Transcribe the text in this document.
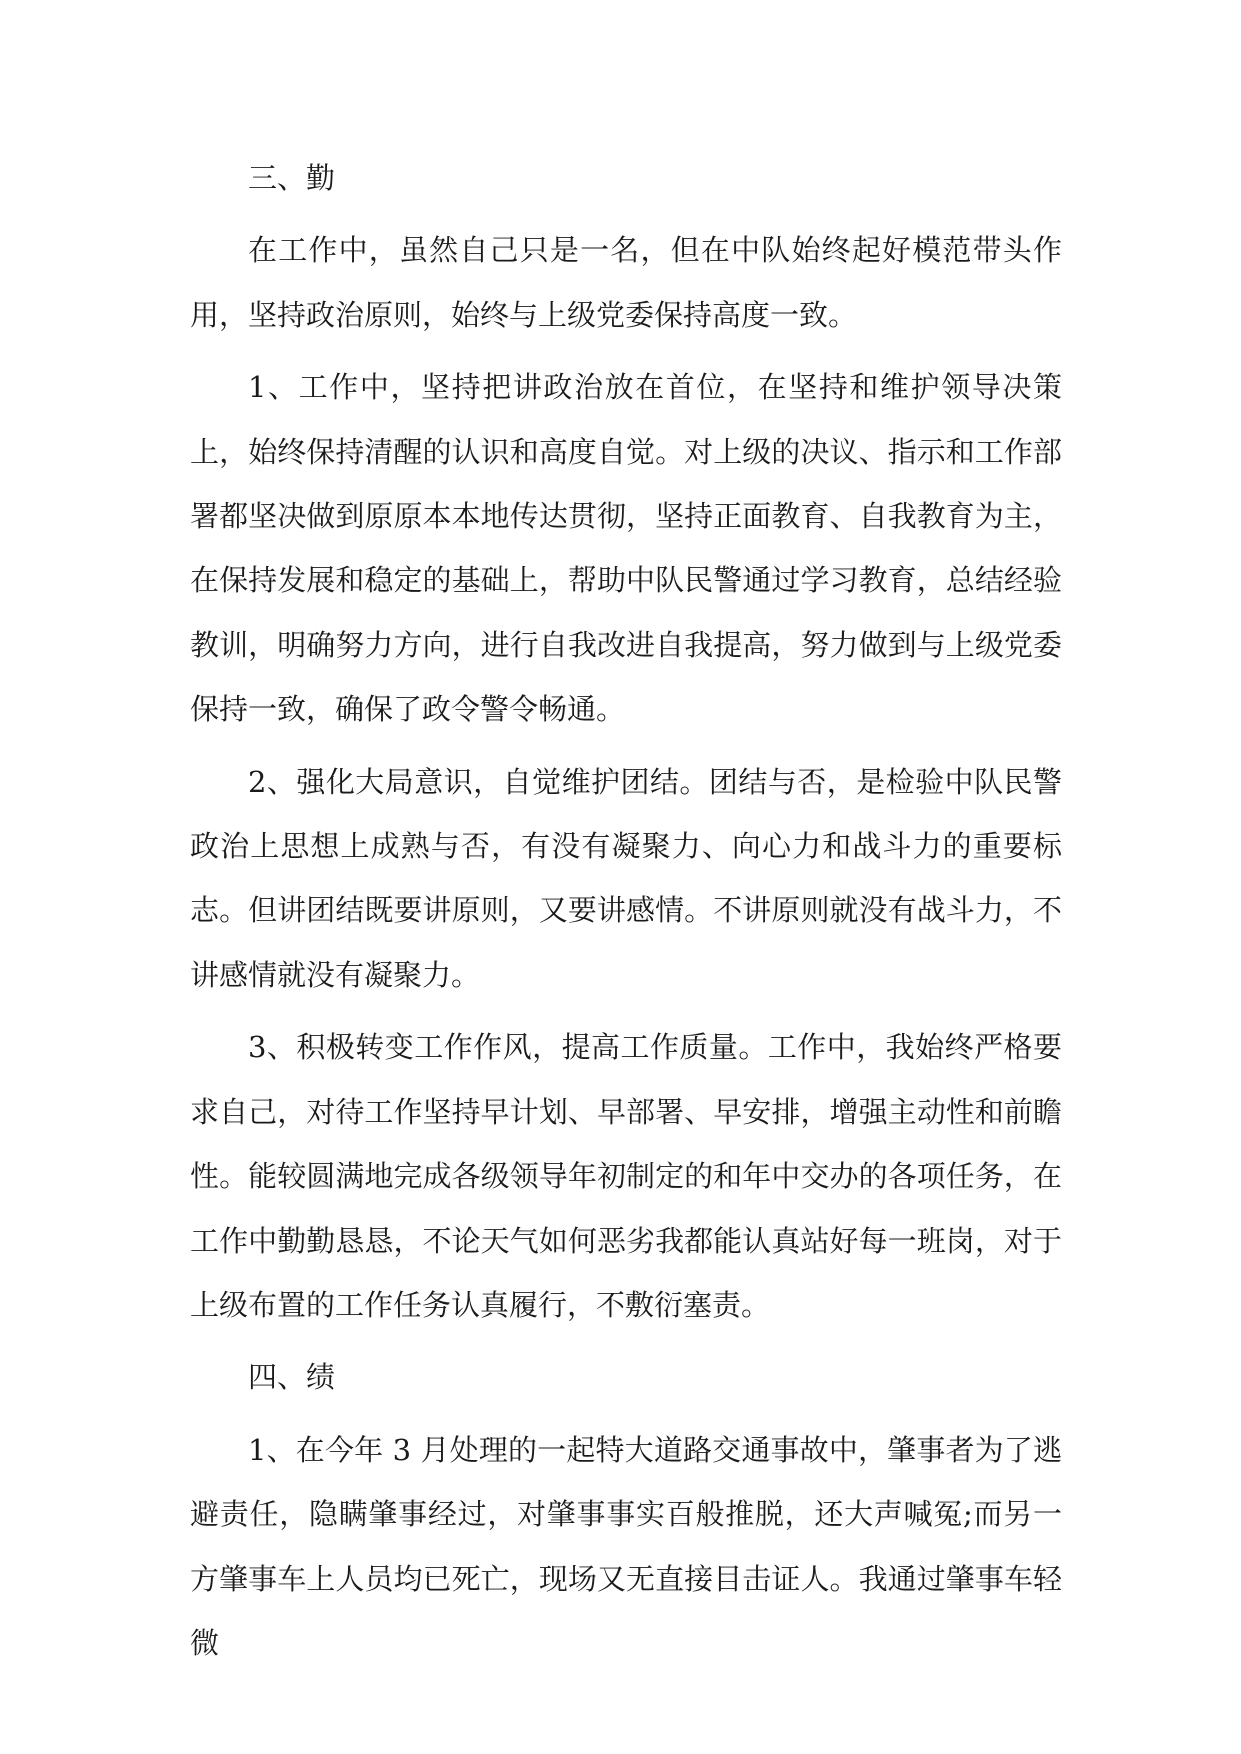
三、勤

在工作中，虽然自己只是一名，但在中队始终起好模范带头作用，坚持政治原则，始终与上级党委保持高度一致。

1、工作中，坚持把讲政治放在首位，在坚持和维护领导决策上，始终保持清醒的认识和高度自觉。对上级的决议、指示和工作部署都坚决做到原原本本地传达贯彻，坚持正面教育、自我教育为主，在保持发展和稳定的基础上，帮助中队民警通过学习教育，总结经验教训，明确努力方向，进行自我改进自我提高，努力做到与上级党委保持一致，确保了政令警令畅通。

2、强化大局意识，自觉维护团结。团结与否，是检验中队民警政治上思想上成熟与否，有没有凝聚力、向心力和战斗力的重要标志。但讲团结既要讲原则，又要讲感情。不讲原则就没有战斗力，不讲感情就没有凝聚力。

3、积极转变工作作风，提高工作质量。工作中，我始终严格要求自己，对待工作坚持早计划、早部署、早安排，增强主动性和前瞻性。能较圆满地完成各级领导年初制定的和年中交办的各项任务，在工作中勤勤恳恳，不论天气如何恶劣我都能认真站好每一班岗，对于上级布置的工作任务认真履行，不敷衍塞责。

四、绩

1、在今年 3 月处理的一起特大道路交通事故中，肇事者为了逃避责任，隐瞒肇事经过，对肇事事实百般推脱，还大声喊冤;而另一方肇事车上人员均已死亡，现场又无直接目击证人。我通过肇事车轻微
